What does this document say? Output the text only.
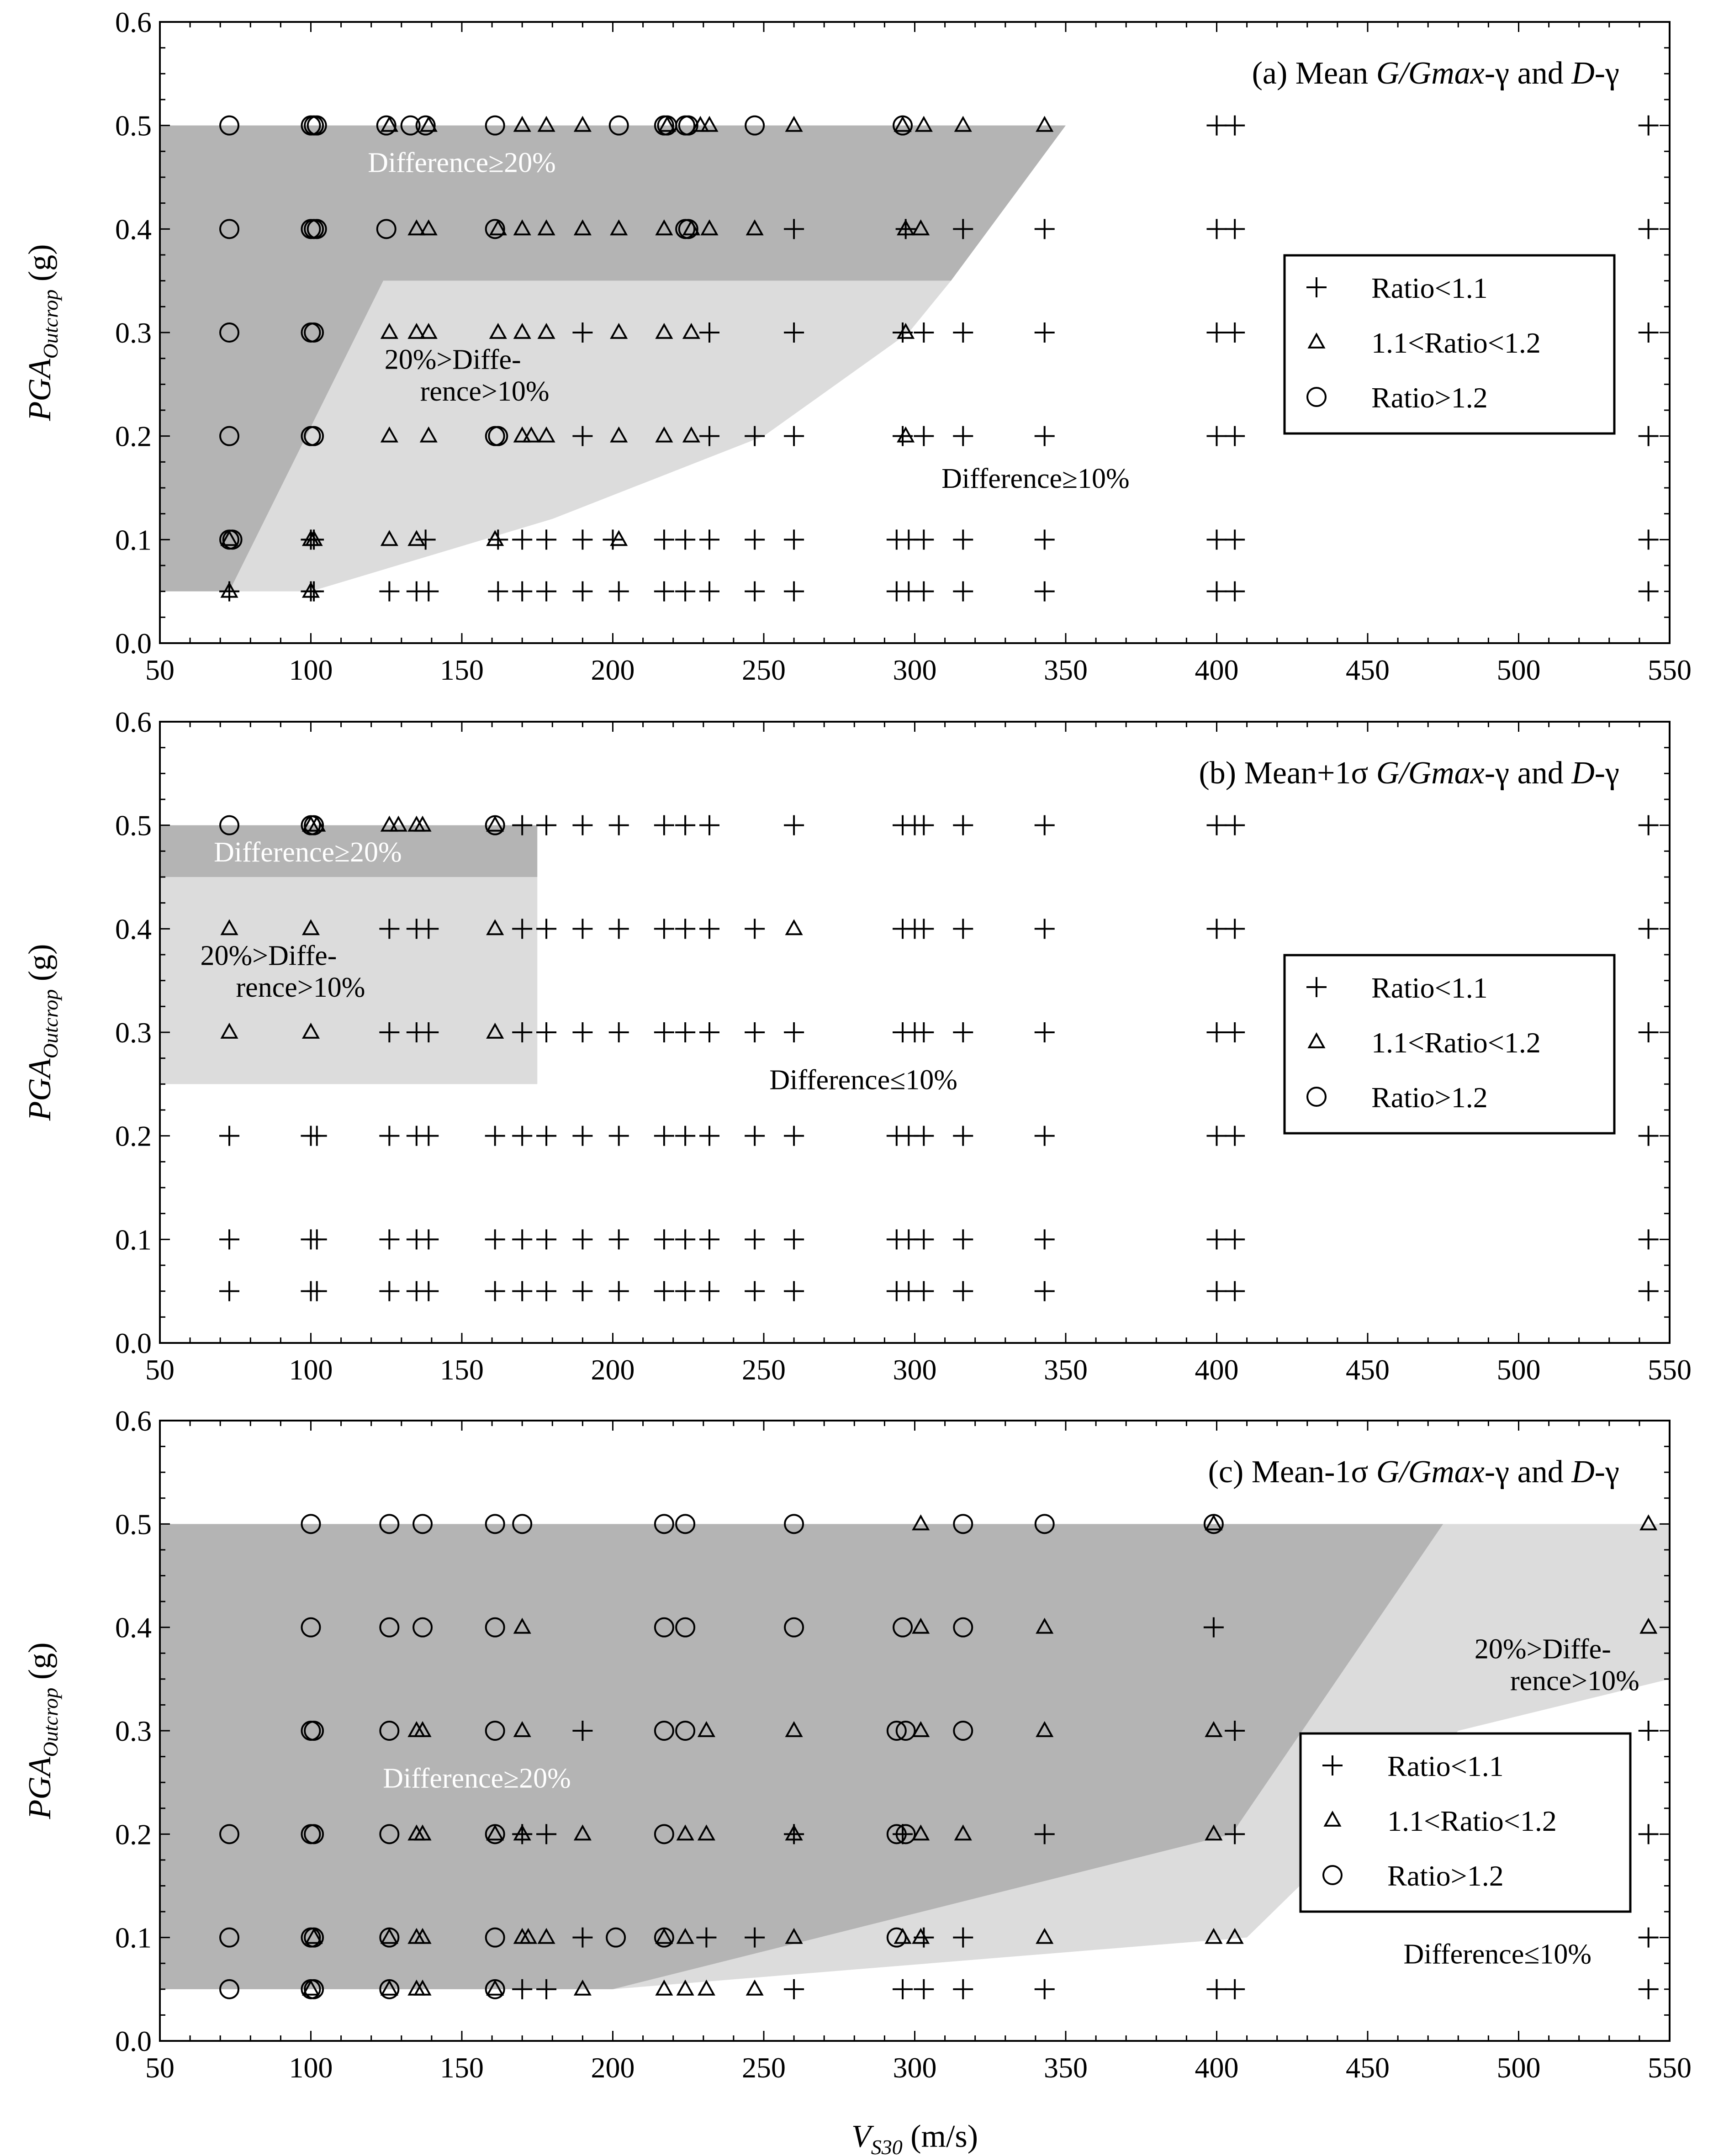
Difference≥20%
20%>Diffe-rence>10%
Difference≥10%
50	100	150	200	250	300	350	400	450	500	550
0.0
0.1
0.2
0.3
0.4
0.5
0.6
$PGA_{Outcrop}$ (g)
(a) Mean G/Gmax-γ and D-γ
Ratio<1.1
1.1<Ratio<1.2
Ratio>1.2
Difference≥20%
20%>Diffe-rence>10%
Difference≤10%
50	100	150	200	250	300	350	400	450	500	550
0.0
0.1
0.2
0.3
0.4
0.5
0.6
$PGA_{Outcrop}$ (g)
(b) Mean+1σ G/Gmax-γ and D-γ
Ratio<1.1
1.1<Ratio<1.2
Ratio>1.2
Difference≥20%
20%>Diffe-rence>10%
Difference≤10%
50	100	150	200	250	300	350	400	450	500	550
0.0
0.1
0.2
0.3
0.4
0.5
0.6
$PGA_{Outcrop}$ (g)
(c) Mean-1σ G/Gmax-γ and D-γ
Ratio<1.1
1.1<Ratio<1.2
Ratio>1.2
$V_{S30}$ (m/s)
